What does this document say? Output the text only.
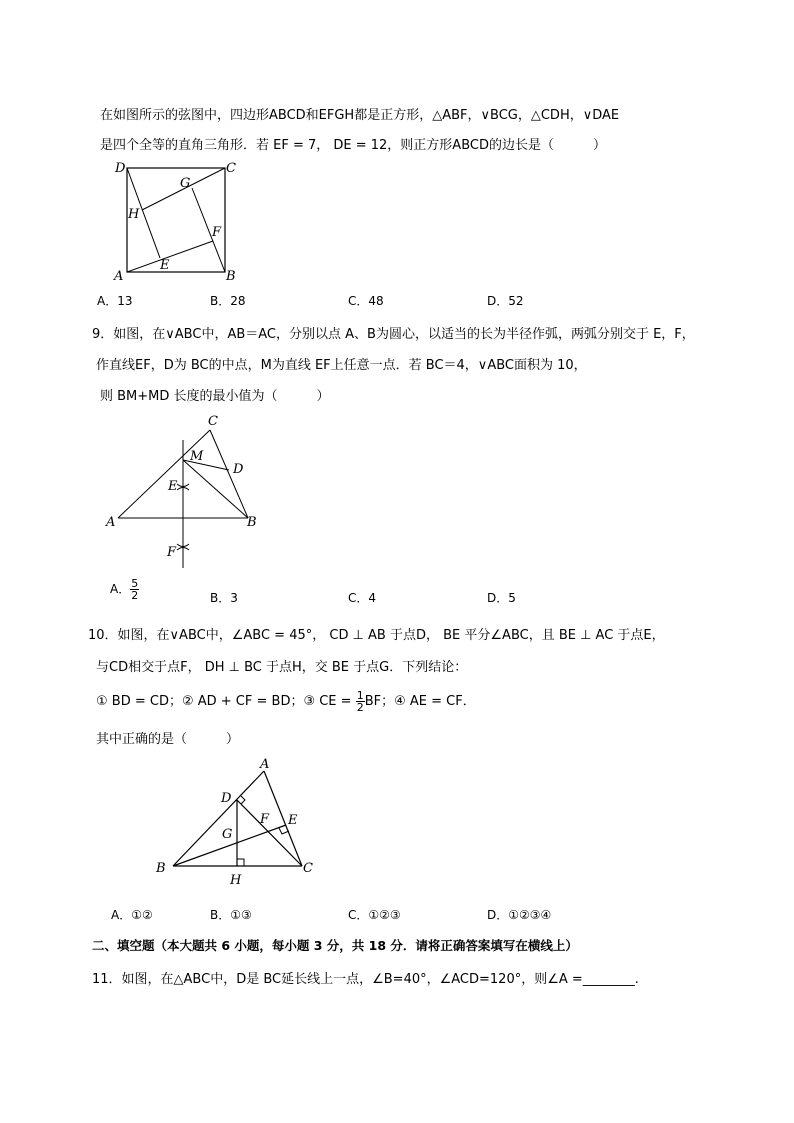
在如图所示的弦图中，四边形ABCD和EFGH都是正方形，△ABF，∨BCG，△CDH，∨DAE
是四个全等的直角三角形．若 EF = 7， DE = 12，则正方形ABCD的边长是（　　　）
D	C
A	B
E
F
G
H
A．13	B．28	C．48	D．52
9．如图，在∨ABC中，AB＝AC，分别以点 A、B为圆心，以适当的长为半径作弧，两弧分别交于 E，F，
作直线EF，D为 BC的中点，M为直线 EF上任意一点．若 BC＝4，∨ABC面积为 10，
则 BM+MD 长度的最小值为（　　　）
C
M
D
E
A	B
F
A． $\frac{5}{2}$	B．3	C．4	D．5
10．如图，在∨ABC中，∠ABC = 45°， CD ⊥ AB 于点D， BE 平分∠ABC，且 BE ⊥ AC 于点E，
与CD相交于点F， DH ⊥ BC 于点H，交 BE 于点G．下列结论：
① BD = CD；② AD + CF = BD；③ CE = $\frac{1}{2}$ BF；④ AE = CF．
其中正确的是（　　　）
A
D
F E
G
B
H
C
A．①②	B．①③	C．①②③	D．①②③④
二、填空题（本大题共 6 小题，每小题 3 分，共 18 分．请将正确答案填写在横线上）
11．如图，在△ABC中，D是 BC延长线上一点，∠B=40°，∠ACD=120°，则∠A =________.
